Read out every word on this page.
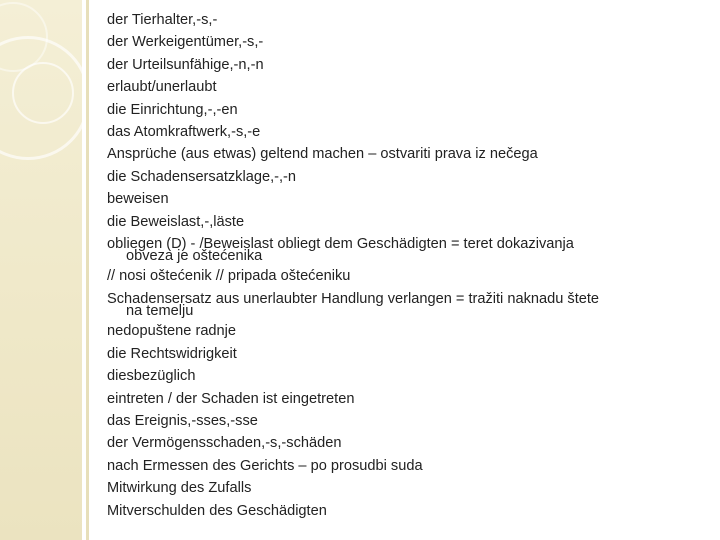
der Tierhalter,-s,-
der Werkeigentümer,-s,-
der Urteilsunfähige,-n,-n
erlaubt/unerlaubt
die Einrichtung,-,-en
das Atomkraftwerk,-s,-e
Ansprüche (aus etwas) geltend machen – ostvariti prava iz nečega
die Schadensersatzklage,-,-n
beweisen
die Beweislast,-,läste
obliegen (D) - /Beweislast obliegt dem Geschädigten = teret dokazivanja
obveza je oštećenika
// nosi oštećenik // pripada oštećeniku
Schadensersatz aus unerlaubter Handlung verlangen = tražiti naknadu štete
na temelju
nedopuštene radnje
die Rechtswidrigkeit
diesbezüglich
eintreten / der Schaden ist eingetreten
das Ereignis,-sses,-sse
der Vermögensschaden,-s,-schäden
nach Ermessen des Gerichts – po prosudbi suda
Mitwirkung des Zufalls
Mitverschulden des Geschädigten
